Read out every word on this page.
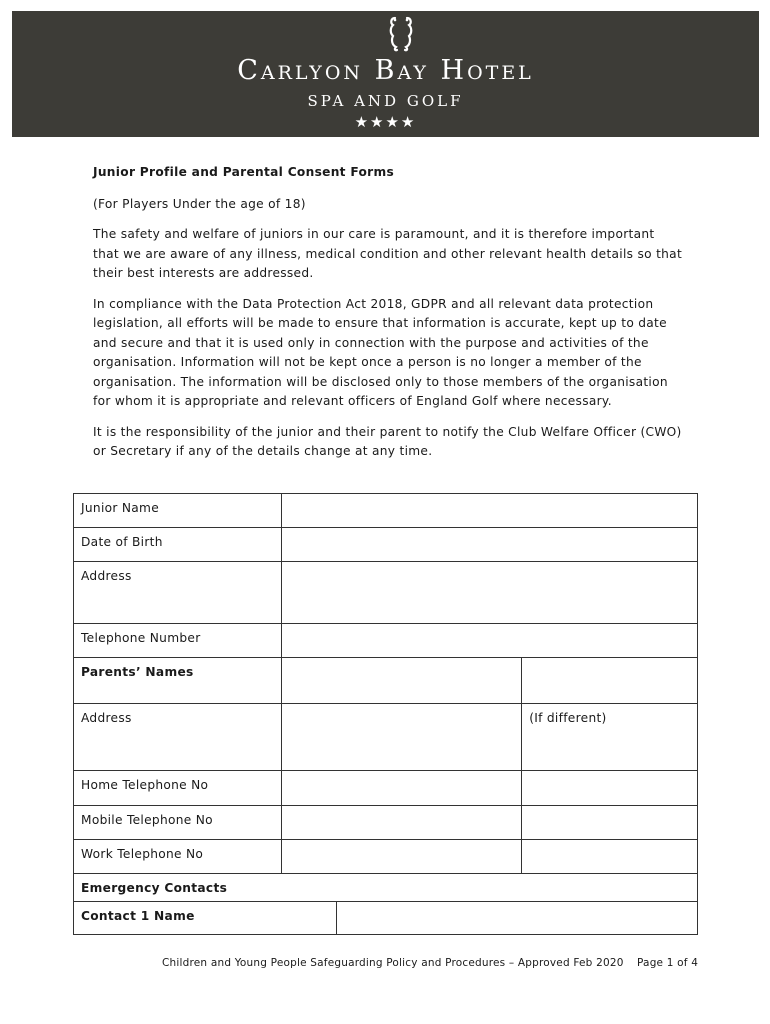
Carlyon Bay Hotel
SPA AND GOLF
★★★★

Junior Profile and Parental Consent Forms

(For Players Under the age of 18)

The safety and welfare of juniors in our care is paramount, and it is therefore important that we are aware of any illness, medical condition and other relevant health details so that their best interests are addressed.

In compliance with the Data Protection Act 2018, GDPR and all relevant data protection legislation, all efforts will be made to ensure that information is accurate, kept up to date and secure and that it is used only in connection with the purpose and activities of the organisation. Information will not be kept once a person is no longer a member of the organisation. The information will be disclosed only to those members of the organisation for whom it is appropriate and relevant officers of England Golf where necessary.

It is the responsibility of the junior and their parent to notify the Club Welfare Officer (CWO) or Secretary if any of the details change at any time.

Junior Name			
Date of Birth			
Address			
Telephone Number			
Parents’ Names			
Address			(If different)
Home Telephone No			
Mobile Telephone No			
Work Telephone No			
Emergency Contacts			
Contact 1 Name			
Children and Young People Safeguarding Policy and Procedures – Approved Feb 2020 Page 1 of 4
